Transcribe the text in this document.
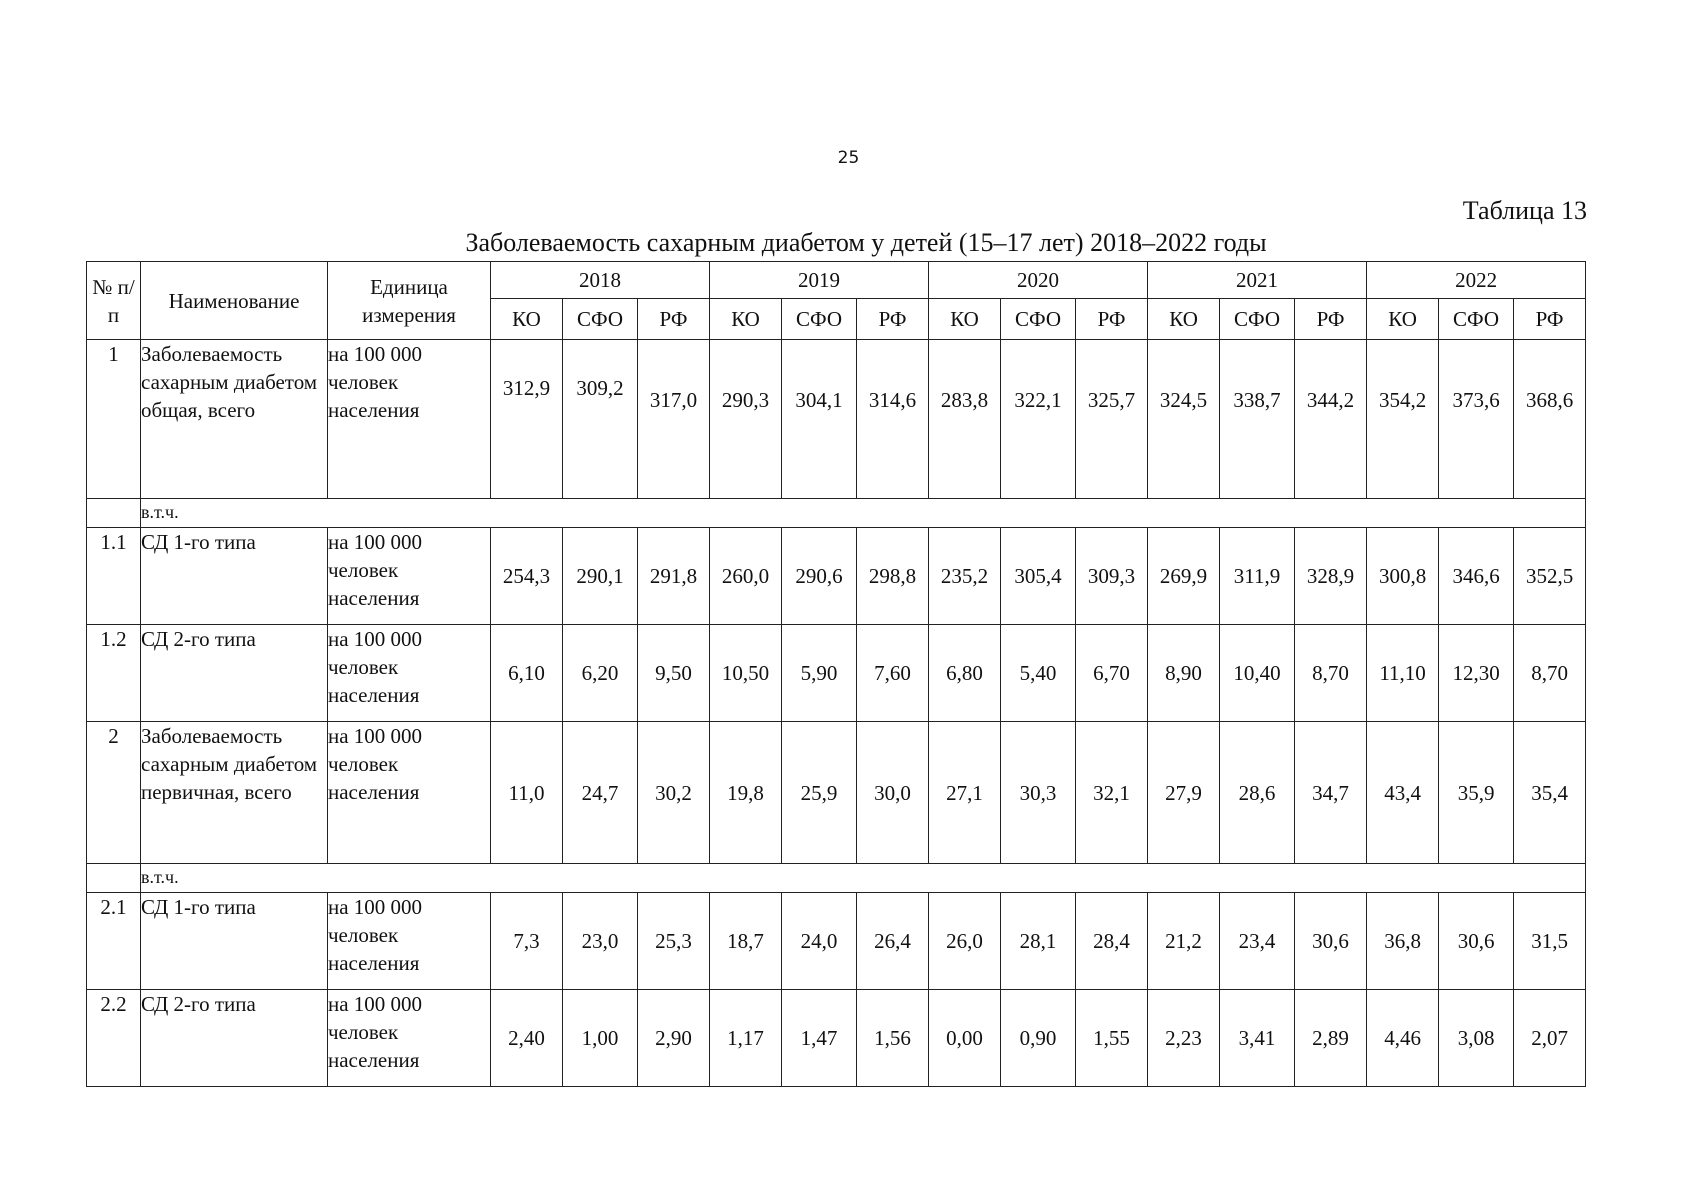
25
Таблица 13
Заболеваемость сахарным диабетом у детей (15–17 лет) 2018–2022 годы
№ п/п	Наименование	Единица измерения	2018			2019			2020			2021			2022		
			КО	СФО	РФ	КО	СФО	РФ	КО	СФО	РФ	КО	СФО	РФ	КО	СФО	РФ
1	Заболеваемость сахарным диабетом общая, всего	на 100 000 человек населения	312,9	309,2	317,0	290,3	304,1	314,6	283,8	322,1	325,7	324,5	338,7	344,2	354,2	373,6	368,6
	в.т.ч.																
1.1	СД 1-го типа	на 100 000 человек населения	254,3	290,1	291,8	260,0	290,6	298,8	235,2	305,4	309,3	269,9	311,9	328,9	300,8	346,6	352,5
1.2	СД 2-го типа	на 100 000 человек населения	6,10	6,20	9,50	10,50	5,90	7,60	6,80	5,40	6,70	8,90	10,40	8,70	11,10	12,30	8,70
2	Заболеваемость сахарным диабетом первичная, всего	на 100 000 человек населения	11,0	24,7	30,2	19,8	25,9	30,0	27,1	30,3	32,1	27,9	28,6	34,7	43,4	35,9	35,4
	в.т.ч.																
2.1	СД 1-го типа	на 100 000 человек населения	7,3	23,0	25,3	18,7	24,0	26,4	26,0	28,1	28,4	21,2	23,4	30,6	36,8	30,6	31,5
2.2	СД 2-го типа	на 100 000 человек населения	2,40	1,00	2,90	1,17	1,47	1,56	0,00	0,90	1,55	2,23	3,41	2,89	4,46	3,08	2,07
